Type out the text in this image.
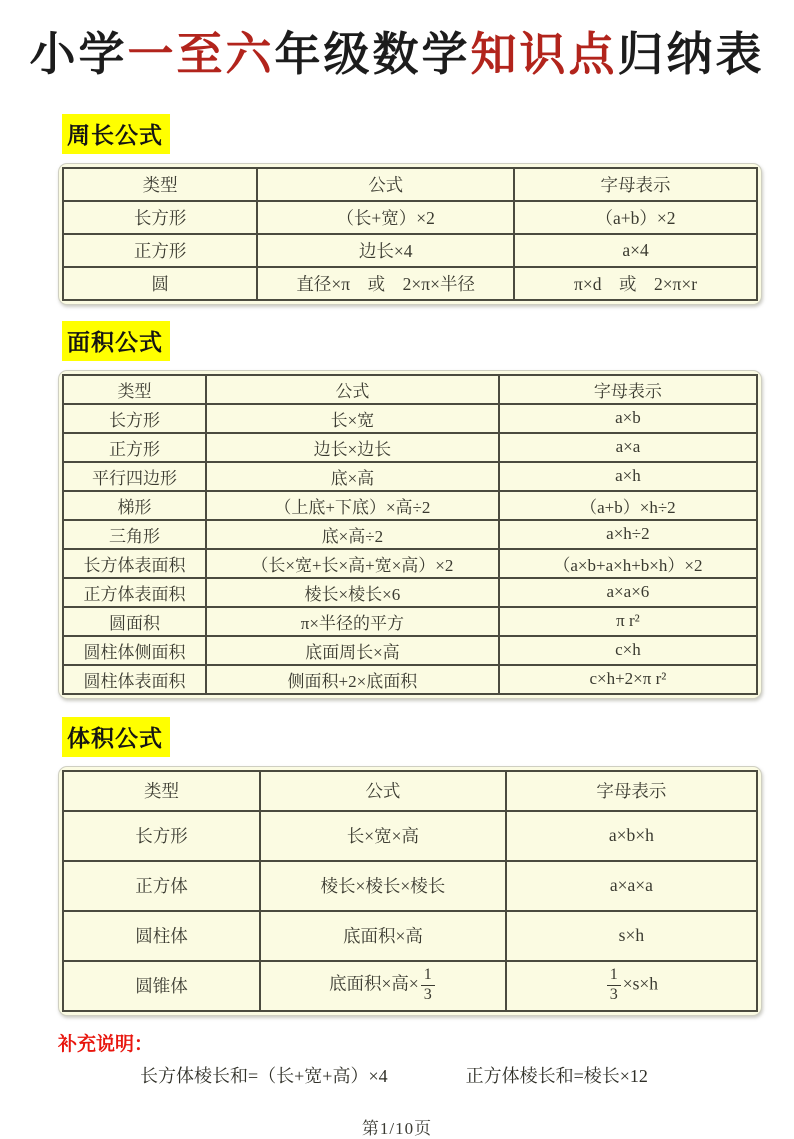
小学一至六年级数学知识点归纳表
周长公式
类型	公式	字母表示
长方形	（长+宽）×2	（a+b）×2
正方形	边长×4	a×4
圆	直径×π　或　2×π×半径	π×d　或　2×π×r
面积公式
类型	公式	字母表示
长方形	长×宽	a×b
正方形	边长×边长	a×a
平行四边形	底×高	a×h
梯形	（上底+下底）×高÷2	（a+b）×h÷2
三角形	底×高÷2	a×h÷2
长方体表面积	（长×宽+长×高+宽×高）×2	（a×b+a×h+b×h）×2
正方体表面积	棱长×棱长×6	a×a×6
圆面积	π×半径的平方	π r²
圆柱体侧面积	底面周长×高	c×h
圆柱体表面积	侧面积+2×底面积	c×h+2×π r²
体积公式
类型	公式	字母表示
长方形	长×宽×高	a×b×h
正方体	棱长×棱长×棱长	a×a×a
圆柱体	底面积×高	s×h
圆锥体	底面积×高× $\frac{1}{3}$	$\frac{1}{3} \times s\times h$
补充说明：
长方体棱长和=（长+宽+高）×4	正方体棱长和=棱长×12
第1/10页
